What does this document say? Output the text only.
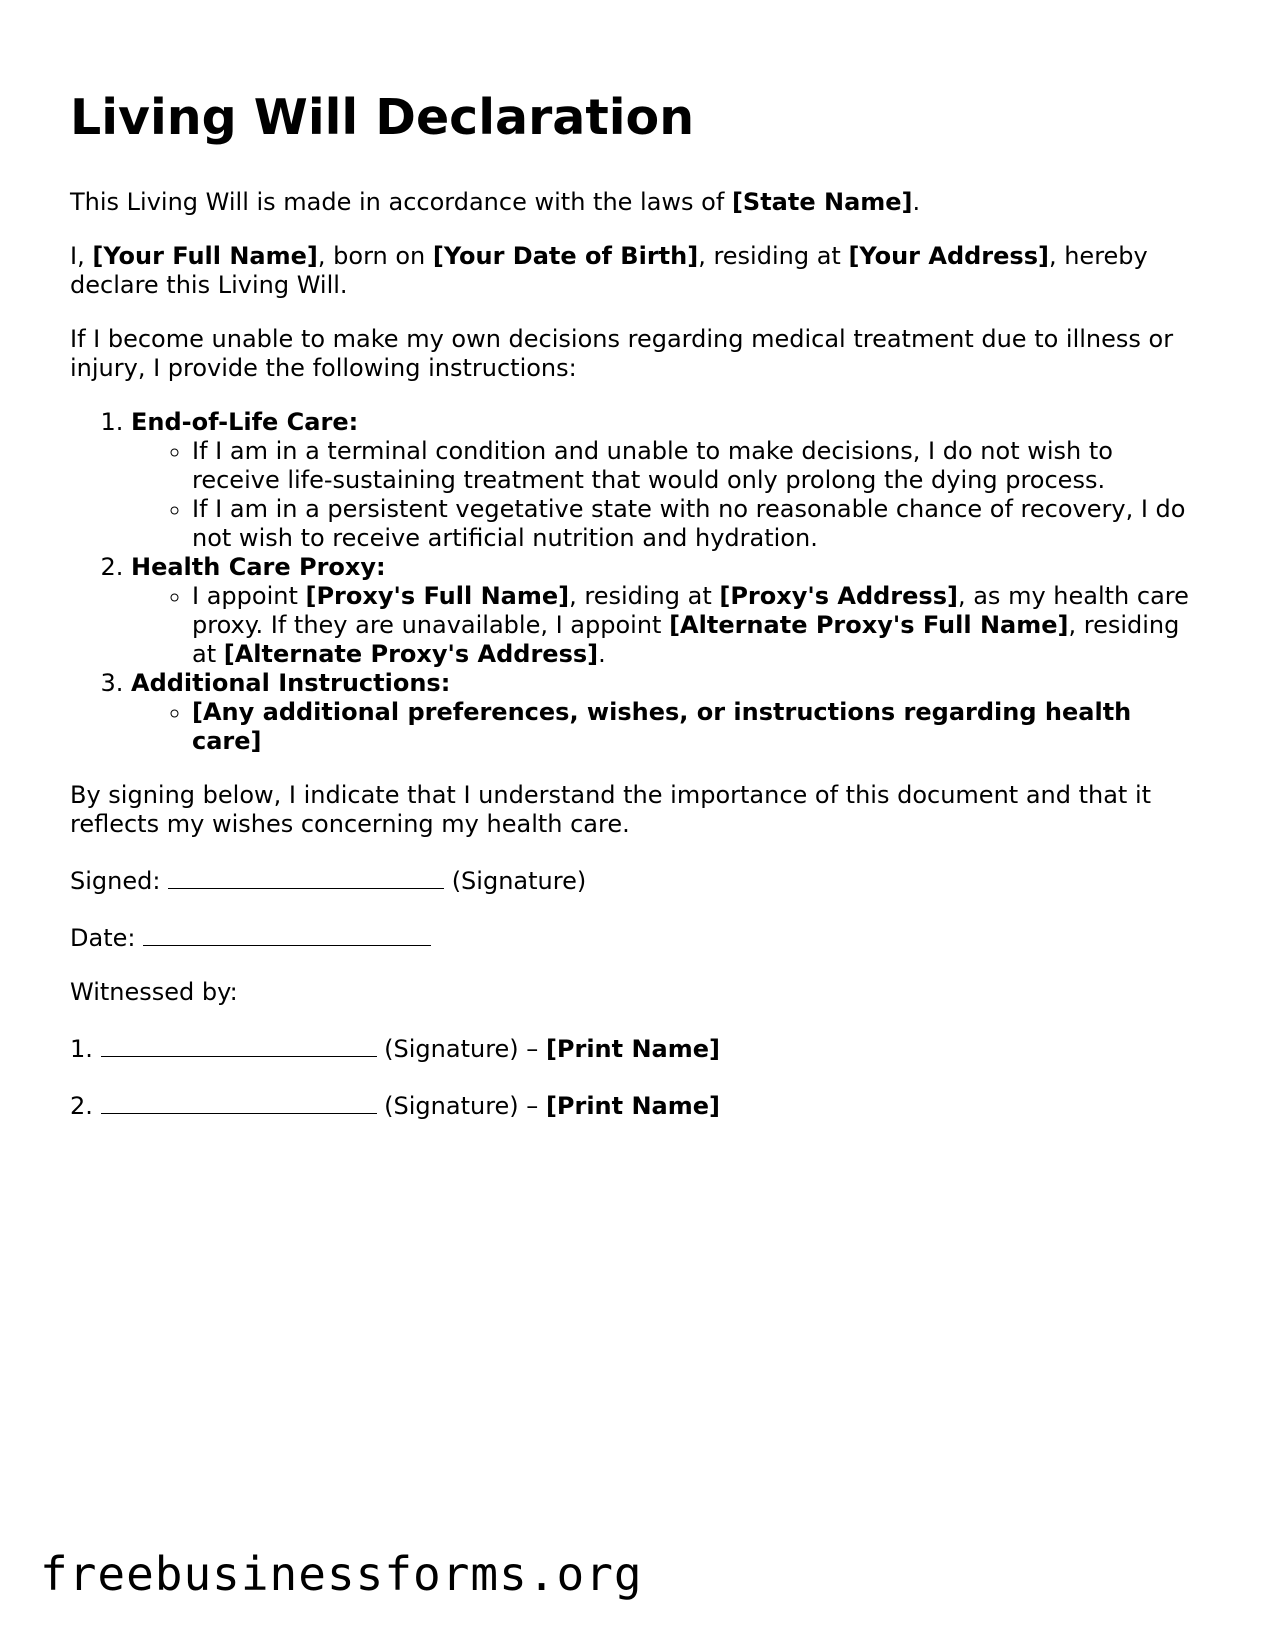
Living Will Declaration

This Living Will is made in accordance with the laws of [State Name].

I, [Your Full Name], born on [Your Date of Birth], residing at [Your Address], hereby declare this Living Will.

If I become unable to make my own decisions regarding medical treatment due to illness or injury, I provide the following instructions:

1. End-of-Life Care:
◦ If I am in a terminal condition and unable to make decisions, I do not wish to receive life-sustaining treatment that would only prolong the dying process.
◦ If I am in a persistent vegetative state with no reasonable chance of recovery, I do not wish to receive artificial nutrition and hydration.
2. Health Care Proxy:
◦ I appoint [Proxy's Full Name], residing at [Proxy's Address], as my health care proxy. If they are unavailable, I appoint [Alternate Proxy's Full Name], residing at [Alternate Proxy's Address].
3. Additional Instructions:
◦ [Any additional preferences, wishes, or instructions regarding health care]

By signing below, I indicate that I understand the importance of this document and that it reflects my wishes concerning my health care.

Signed:	(Signature)

Date:

Witnessed by:

1.	(Signature) – [Print Name]

2.	(Signature) – [Print Name]

freebusinessforms.org
